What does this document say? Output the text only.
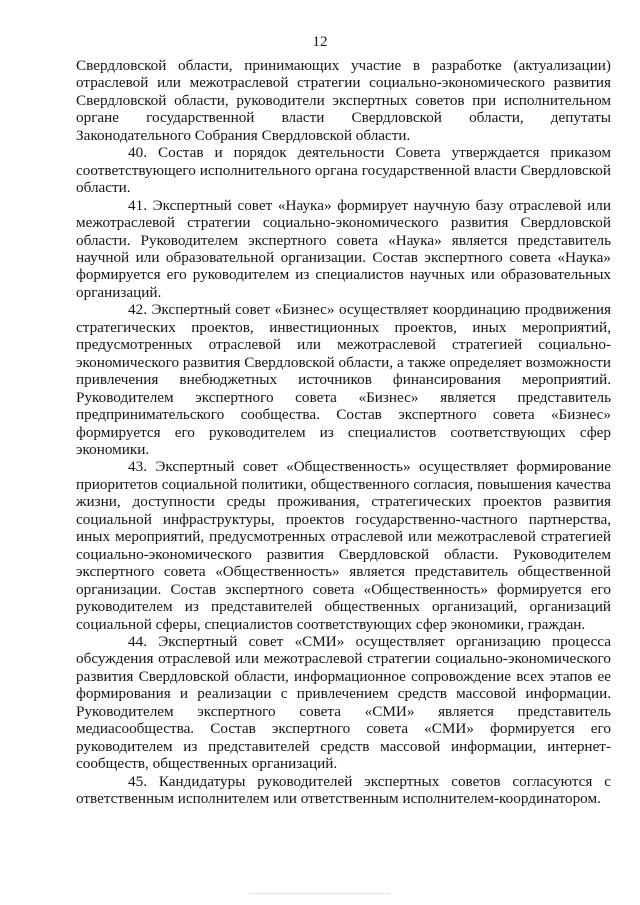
12

Свердловской области, принимающих участие в разработке (актуализации) отраслевой или межотраслевой стратегии социально-экономического развития Свердловской области, руководители экспертных советов при исполнительном органе государственной власти Свердловской области, депутаты Законодательного Собрания Свердловской области.

40. Состав и порядок деятельности Совета утверждается приказом соответствующего исполнительного органа государственной власти Свердловской области.

41. Экспертный совет «Наука» формирует научную базу отраслевой или межотраслевой стратегии социально-экономического развития Свердловской области. Руководителем экспертного совета «Наука» является представитель научной или образовательной организации. Состав экспертного совета «Наука» формируется его руководителем из специалистов научных или образовательных организаций.

42. Экспертный совет «Бизнес» осуществляет координацию продвижения стратегических проектов, инвестиционных проектов, иных мероприятий, предусмотренных отраслевой или межотраслевой стратегией социально-экономического развития Свердловской области, а также определяет возможности привлечения внебюджетных источников финансирования мероприятий. Руководителем экспертного совета «Бизнес» является представитель предпринимательского сообщества. Состав экспертного совета «Бизнес» формируется его руководителем из специалистов соответствующих сфер экономики.

43. Экспертный совет «Общественность» осуществляет формирование приоритетов социальной политики, общественного согласия, повышения качества жизни, доступности среды проживания, стратегических проектов развития социальной инфраструктуры, проектов государственно-частного партнерства, иных мероприятий, предусмотренных отраслевой или межотраслевой стратегией социально-экономического развития Свердловской области. Руководителем экспертного совета «Общественность» является представитель общественной организации. Состав экспертного совета «Общественность» формируется его руководителем из представителей общественных организаций, организаций социальной сферы, специалистов соответствующих сфер экономики, граждан.

44. Экспертный совет «СМИ» осуществляет организацию процесса обсуждения отраслевой или межотраслевой стратегии социально-экономического развития Свердловской области, информационное сопровождение всех этапов ее формирования и реализации с привлечением средств массовой информации. Руководителем экспертного совета «СМИ» является представитель медиасообщества. Состав экспертного совета «СМИ» формируется его руководителем из представителей средств массовой информации, интернет-сообществ, общественных организаций.

45. Кандидатуры руководителей экспертных советов согласуются с ответственным исполнителем или ответственным исполнителем-координатором.
